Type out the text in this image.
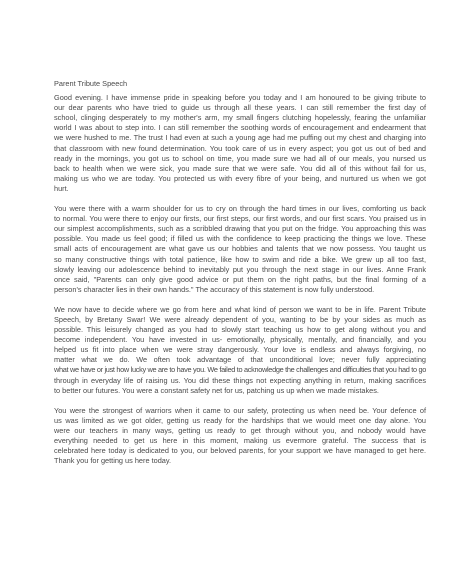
Parent Tribute Speech
Good evening. I have immense pride in speaking before you today and I am honoured to be giving tribute to
our dear parents who have tried to guide us through all these years. I can still remember the first day of
school, clinging desperately to my mother's arm, my small fingers clutching hopelessly, fearing the unfamiliar
world I was about to step into. I can still remember the soothing words of encouragement and endearment that
we were hushed to me. The trust I had even at such a young age had me puffing out my chest and charging into
that classroom with new found determination. You took care of us in every aspect; you got us out of bed and
ready in the mornings, you got us to school on time, you made sure we had all of our meals, you nursed us
back to health when we were sick, you made sure that we were safe. You did all of this without fail for us,
making us who we are today. You protected us with every fibre of your being, and nurtured us when we got
hurt.
You were there with a warm shoulder for us to cry on through the hard times in our lives, comforting us back
to normal. You were there to enjoy our firsts, our first steps, our first words, and our first scars. You praised us in
our simplest accomplishments, such as a scribbled drawing that you put on the fridge. You approaching this was
possible. You made us feel good; if filled us with the confidence to keep practicing the things we love. These
small acts of encouragement are what gave us our hobbies and talents that we now possess. You taught us
so many constructive things with total patience, like how to swim and ride a bike. We grew up all too fast,
slowly leaving our adolescence behind to inevitably put you through the next stage in our lives. Anne Frank
once said, "Parents can only give good advice or put them on the right paths, but the final forming of a
person's character lies in their own hands." The accuracy of this statement is now fully understood.
We now have to decide where we go from here and what kind of person we want to be in life. Parent Tribute
Speech, by Bretany Swar! We were already dependent of you, wanting to be by your sides as much as
possible. This leisurely changed as you had to slowly start teaching us how to get along without you and
become independent. You have invested in us- emotionally, physically, mentally, and financially, and you
helped us fit into place when we were stray dangerously. Your love is endless and always forgiving, no
matter what we do. We often took advantage of that unconditional love; never fully appreciating
what we have or just how lucky we are to have you. We failed to acknowledge the challenges and difficulties that you had to go
through in everyday life of raising us. You did these things not expecting anything in return, making sacrifices
to better our futures. You were a constant safety net for us, patching us up when we made mistakes.
You were the strongest of warriors when it came to our safety, protecting us when need be. Your defence of
us was limited as we got older, getting us ready for the hardships that we would meet one day alone. You
were our teachers in many ways, getting us ready to get through without you, and nobody would have
everything needed to get us here in this moment, making us evermore grateful. The success that is
celebrated here today is dedicated to you, our beloved parents, for your support we have managed to get here.
Thank you for getting us here today.
